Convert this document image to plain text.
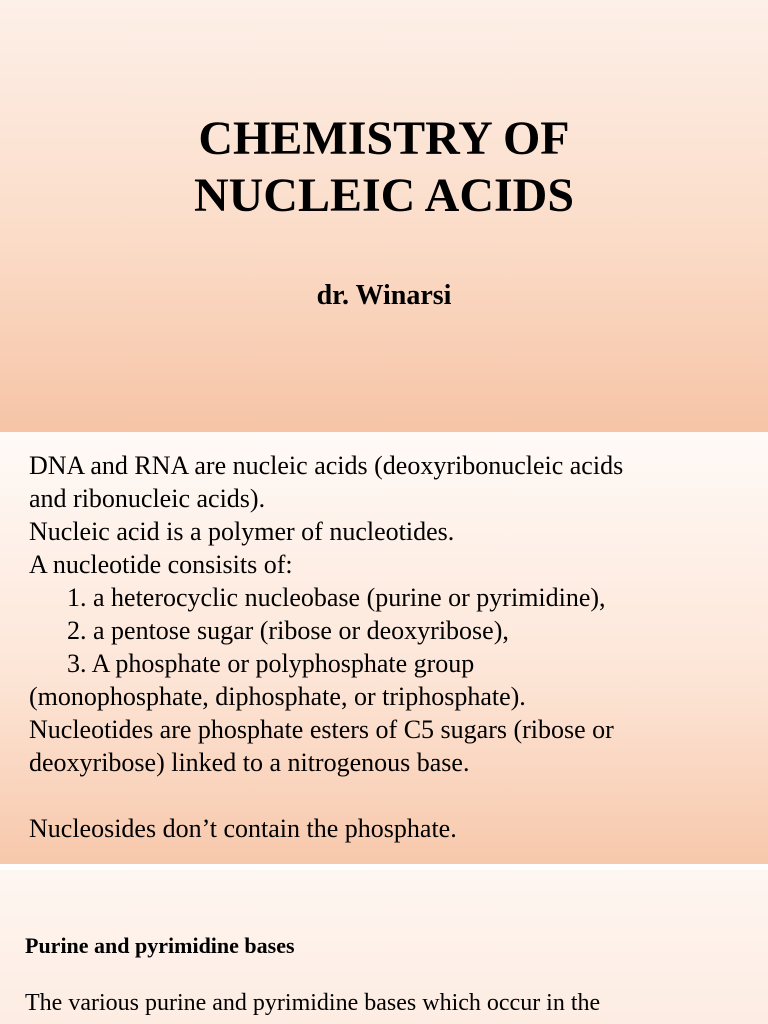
CHEMISTRY OF
NUCLEIC ACIDS
dr. Winarsi
DNA and RNA are nucleic acids (deoxyribonucleic acids
and ribonucleic acids).
Nucleic acid is a polymer of nucleotides.
A nucleotide consisits of:
1. a heterocyclic nucleobase (purine or pyrimidine),
2. a pentose sugar (ribose or deoxyribose),
3. A phosphate or polyphosphate group
(monophosphate, diphosphate, or triphosphate).
Nucleotides are phosphate esters of C5 sugars (ribose or
deoxyribose) linked to a nitrogenous base.
Nucleosides don’t contain the phosphate.
Purine and pyrimidine bases
The various purine and pyrimidine bases which occur in the
